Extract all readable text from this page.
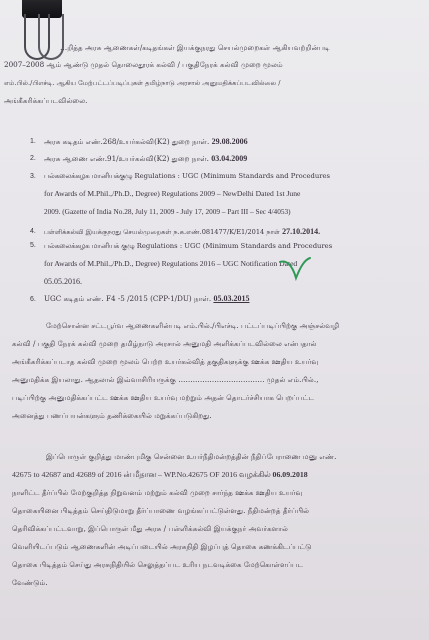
…றித்த அரசு ஆணைகள்/கடிதங்கள் இயக்குநரது செயல்முறைகள் ஆகியவற்றின்படி
2007–2008 ஆம் ஆண்டு முதல் தொலைதூரக் கல்வி / பகுதிநேரக் கல்வி முறை மூலம்
எம்.பில்./பிஎச்டி. ஆகிய மேற்பட்டப்படிப்புகள் தமிழ்நாடு அரசால் அனுமதிக்கப்படவில்லை /
அங்கீகரிக்கப்படவில்லை.
1. அரசு கடிதம் எண்.268/உயர்கல்வி(K2) துறை நாள். 29.08.2006
2. அரசு ஆணை எண்.91/உயர்கல்வி(K2) துறை நாள். 03.04.2009
3. பல்கலைக்கழக மானியக்குழு Regulations : UGC (Minimum Standards and Procedures
for Awards of M.Phil.,/Ph.D., Degree) Regulations 2009 – NewDelhi Dated 1st June
2009. (Gazette of India No.28, July 11, 2009 - July 17, 2009 – Part III – Sec 4/4053)
4. பள்ளிக்கல்வி இயக்குநரது செயல்முறைகள் ந.க.எண்.081477/K/E1/2014 நாள் 27.10.2014.
5. பல்கலைக்கழக மானியக் குழு Regulations : UGC (Minimum Standards and Procedures
for Awards of M.Phil.,/Ph.D., Degree) Regulations 2016 – UGC Notification Dated
05.05.2016.
6. UGC கடிதம் எண். F4 -5 /2015 (CPP-1/DU) நாள். 05.03.2015
மேற்சொன்ன சட்டபூர்வ ஆணைகளின்படி எம்.பில்./பிஎச்டி. பட்டப்படிப்பிற்கு அஞ்சல்வழி
கல்வி / பகுதி நேரக் கல்வி முறை தமிழ்நாடு அரசால் அனுமதி அளிக்கப்படவில்லை என்பதால்
அங்கீகரிக்கப்படாத கல்வி முறை மூலம் பெற்ற உயர்கல்வித் தகுதிகளுக்கு ஊக்க ஊதிய உயர்வு
அனுமதிக்க இயலாது. ஆதலால் இவ்வாசிரியருக்கு ……………………………… முதல் எம்.பில்.,
படிப்பிற்கு அனுமதிக்கப்பட்ட ஊக்க ஊதிய உயர்வு மற்றும் அதன் தொடர்ச்சியாக பெறப்பட்ட
அனைத்து பணப்பயன்களும் தணிக்கையில் மறுக்கப்படுகிறது.
இப்பொருள் குறித்து மாண்புமிகு சென்னை உயர்நீதிமன்றத்தின் நீதிப்பேராணை மனு எண்.
42675 to 42687 and 42689 of 2016 ன் மீதான – WP.No.42675 OF 2016 வழக்கில் 06.09.2018
நாளிட்ட தீர்ப்பில் மேற்குறித்த நிறுவனம் மற்றும் கல்வி முறை சார்ந்த ஊக்க ஊதிய உயர்வு
தொகையினை பிடித்தம் செய்திடுமாறு தீர்ப்பாணை வழங்கப்பட்டுள்ளது. நீதிமன்றத் தீர்ப்பில்
தெரிவிக்கப்பட்டவாறு, இப்பொருள் மீது அரசு / பள்ளிக்கல்வி இயக்குநர் அவர்களால்
வெளியிடப்படும் ஆணைகளின் அடிப்படையில் அரசுநிதி இழப்புத் தொகை கணக்கிடப்பட்டு
தொகை பிடித்தம் செய்து அரசுநிதியில் செலுத்தப்பட உரிய நடவடிக்கை மேற்கொள்ளப்பட
வேண்டும்.
